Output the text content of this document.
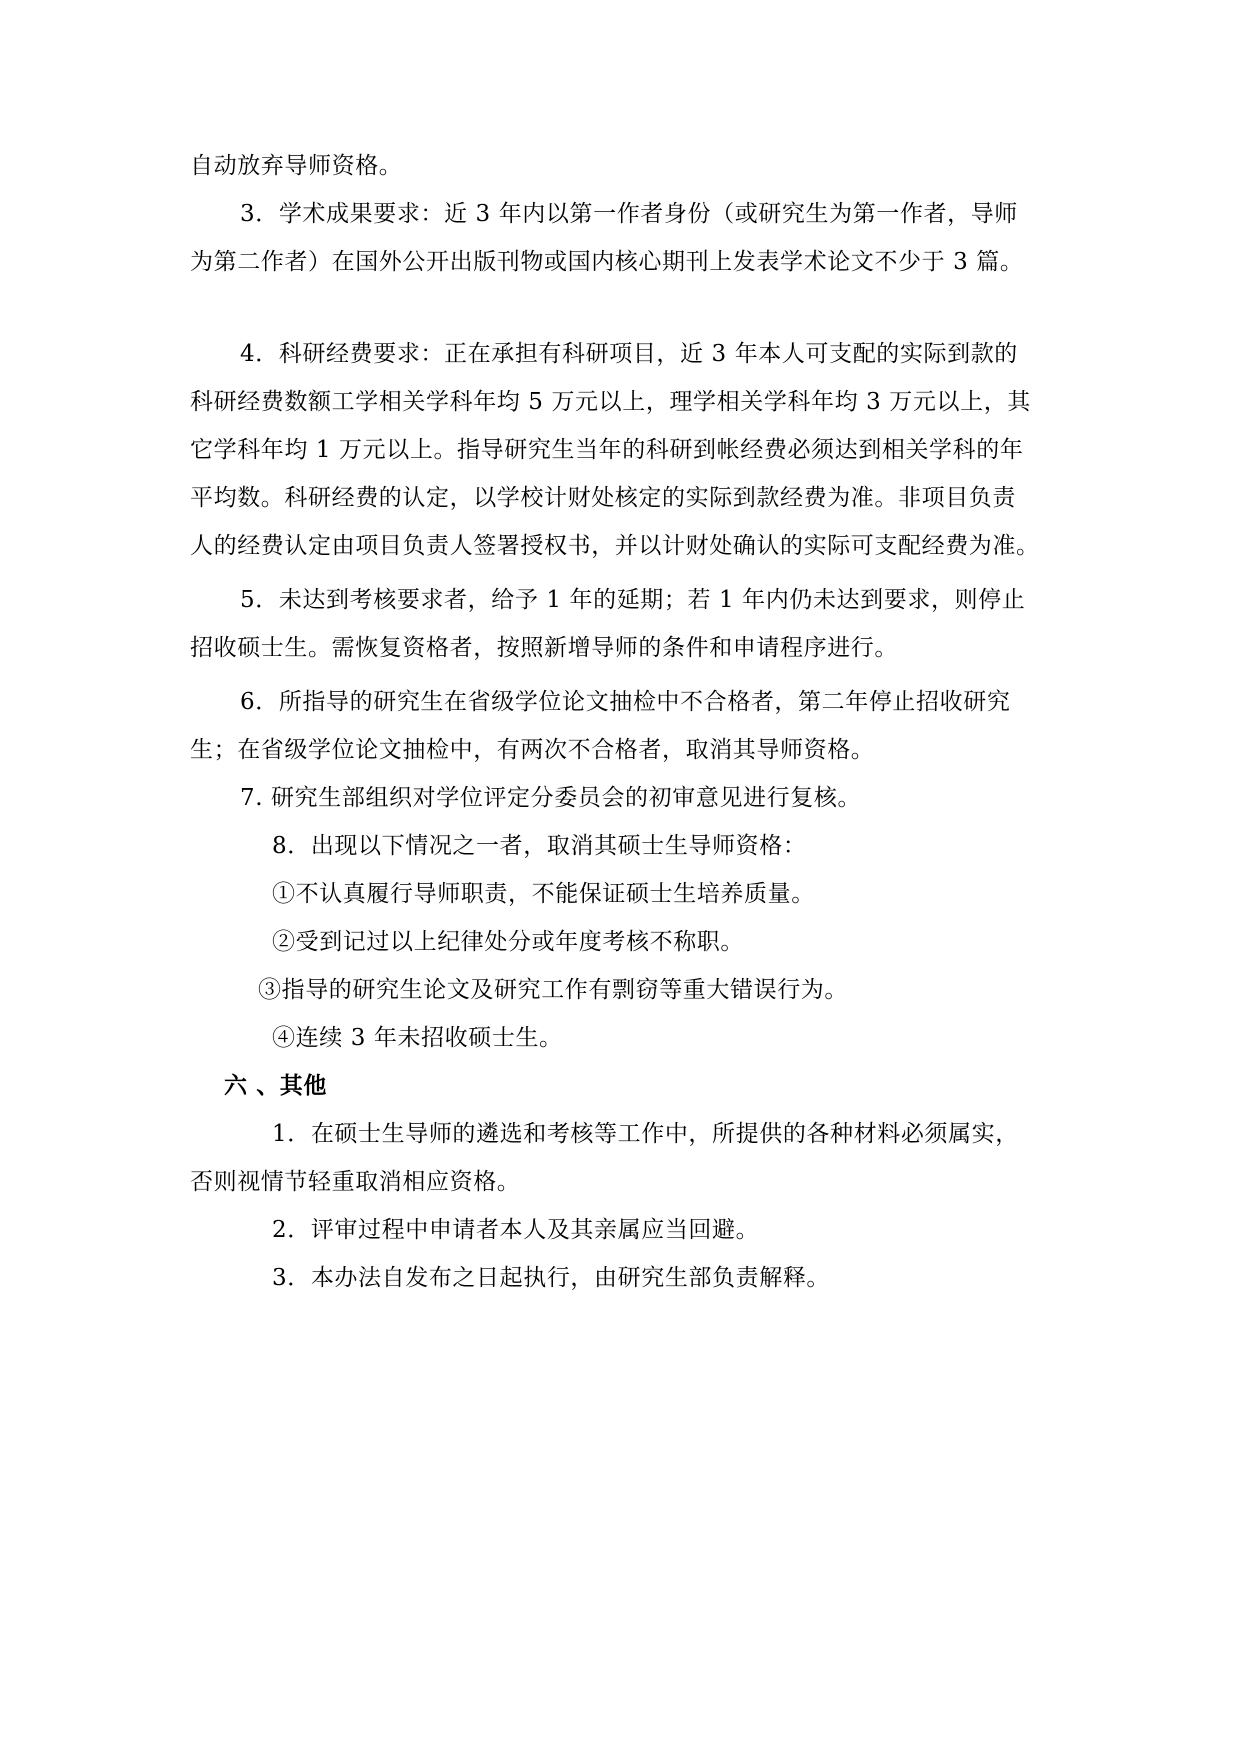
自动放弃导师资格。
3．学术成果要求：近 3 年内以第一作者身份（或研究生为第一作者，导师
为第二作者）在国外公开出版刊物或国内核心期刊上发表学术论文不少于 3 篇。
4．科研经费要求：正在承担有科研项目，近 3 年本人可支配的实际到款的
科研经费数额工学相关学科年均 5 万元以上，理学相关学科年均 3 万元以上，其
它学科年均 1 万元以上。指导研究生当年的科研到帐经费必须达到相关学科的年
平均数。科研经费的认定，以学校计财处核定的实际到款经费为准。非项目负责
人的经费认定由项目负责人签署授权书，并以计财处确认的实际可支配经费为准。
5．未达到考核要求者，给予 1 年的延期；若 1 年内仍未达到要求，则停止
招收硕士生。需恢复资格者，按照新增导师的条件和申请程序进行。
6．所指导的研究生在省级学位论文抽检中不合格者，第二年停止招收研究
生；在省级学位论文抽检中，有两次不合格者，取消其导师资格。
7. 研究生部组织对学位评定分委员会的初审意见进行复核。
8．出现以下情况之一者，取消其硕士生导师资格：
①不认真履行导师职责，不能保证硕士生培养质量。
②受到记过以上纪律处分或年度考核不称职。
③指导的研究生论文及研究工作有剽窃等重大错误行为。
④连续 3 年未招收硕士生。
六 、其他
1．在硕士生导师的遴选和考核等工作中，所提供的各种材料必须属实，
否则视情节轻重取消相应资格。
2．评审过程中申请者本人及其亲属应当回避。
3．本办法自发布之日起执行，由研究生部负责解释。
